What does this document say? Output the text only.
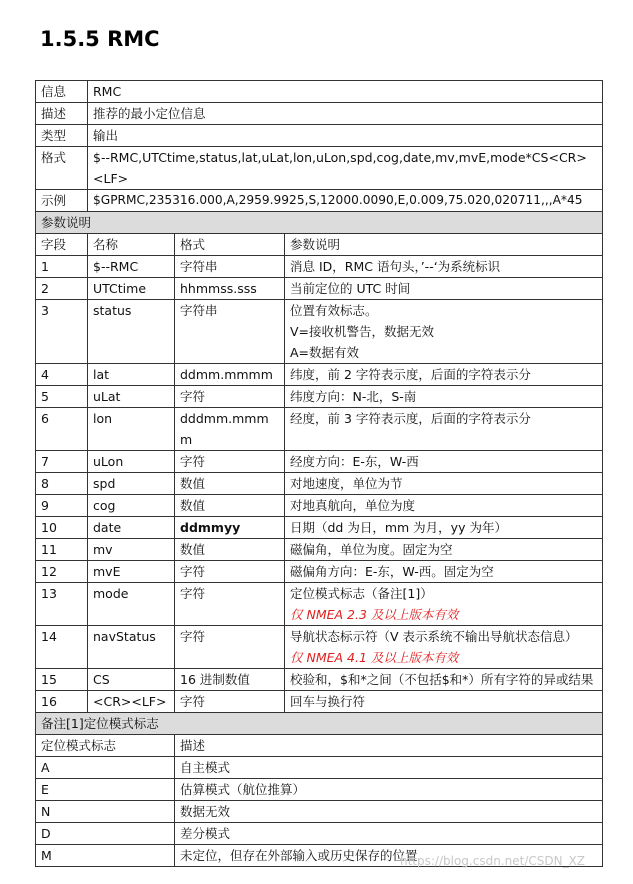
1.5.5 RMC
信息	RMC		
描述	推荐的最小定位信息		
类型	输出		
格式	$--RMC,UTCtime,status,lat,uLat,lon,uLon,spd,cog,date,mv,mvE,mode*CS<CR><LF>		
示例	$GPRMC,235316.000,A,2959.9925,S,12000.0090,E,0.009,75.020,020711,,,A*45		
参数说明			
字段	名称	格式	参数说明
1	$--RMC	字符串	消息 ID，RMC 语句头，’--‘为系统标识

2	UTCtime	hhmmss.sss	当前定位的 UTC 时间

3	status	字符串	位置有效标志。
V=接收机警告，数据无效
A=数据有效

4	lat	ddmm.mmmm	纬度，前 2 字符表示度，后面的字符表示分

5	uLat	字符	纬度方向：N-北，S-南

6	lon	dddmm.mmmm	经度，前 3 字符表示度，后面的字符表示分

7	uLon	字符	经度方向：E-东，W-西

8	spd	数值	对地速度，单位为节

9	cog	数值	对地真航向，单位为度

10	date	ddmmyy	日期（dd 为日，mm 为月，yy 为年）

11	mv	数值	磁偏角，单位为度。固定为空

12	mvE	字符	磁偏角方向：E-东，W-西。固定为空

13	mode	字符	定位模式标志（备注[1]）
仅 NMEA 2.3 及以上版本有效

14	navStatus	字符	导航状态标示符（V 表示系统不输出导航状态信息）
仅 NMEA 4.1 及以上版本有效

15	CS	16 进制数值	校验和，$和*之间（不包括$和*）所有字符的异或结果

16	<CR><LF>	字符	回车与换行符

备注[1]定位模式标志			
定位模式标志		描述	
A		自主模式	
E		估算模式（航位推算）	
N		数据无效	
D		差分模式	
M		未定位，但存在外部输入或历史保存的位置	
https://blog.csdn.net/CSDN_XZ
